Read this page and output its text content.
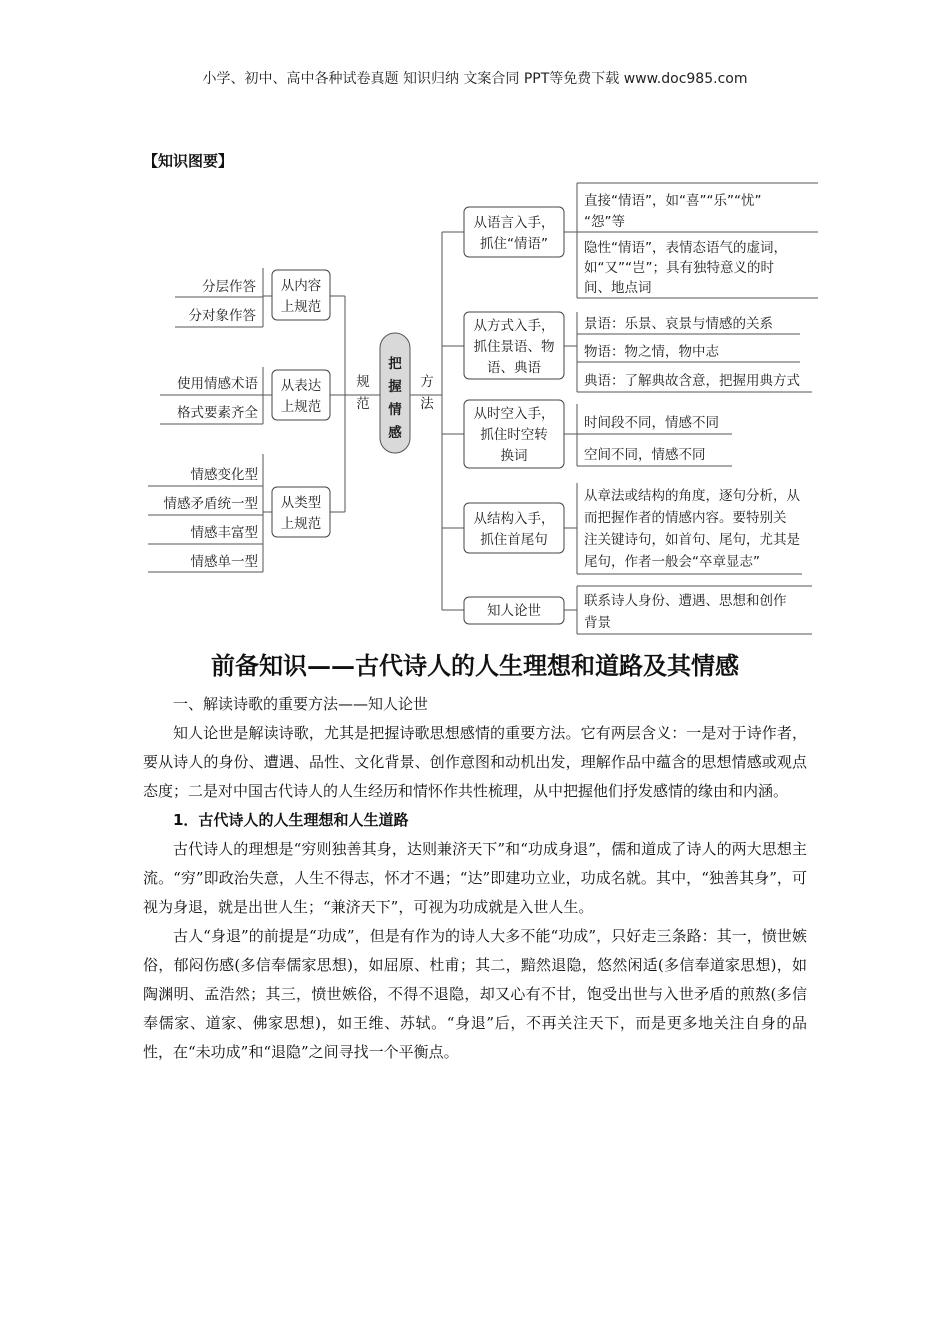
小学、初中、高中各种试卷真题 知识归纳 文案合同 PPT等免费下载 www.doc985.com
【知识图要】
把
握
情
感
规
范
方
法
从内容
上规范
分层作答
分对象作答
从表达
上规范
使用情感术语
格式要素齐全
从类型
上规范
情感变化型
情感矛盾统一型
情感丰富型
情感单一型
从语言入手，
抓住“情语”
直接“情语”，如“喜”“乐”“忧”
“怨”等
隐性“情语”，表情态语气的虚词，
如“又”“岂”；具有独特意义的时
间、地点词
从方式入手，
抓住景语、物
语、典语
景语：乐景、哀景与情感的关系
物语：物之情，物中志
典语：了解典故含意，把握用典方式
从时空入手，
抓住时空转
换词
时间段不同，情感不同
空间不同，情感不同
从结构入手，
抓住首尾句
从章法或结构的角度，逐句分析，从
而把握作者的情感内容。要特别关
注关键诗句，如首句、尾句，尤其是
尾句，作者一般会“卒章显志”
知人论世
联系诗人身份、遭遇、思想和创作
背景
前备知识——古代诗人的人生理想和道路及其情感

一、解读诗歌的重要方法——知人论世

知人论世是解读诗歌，尤其是把握诗歌思想感情的重要方法。它有两层含义：一是对于诗作者，要从诗人的身份、遭遇、品性、文化背景、创作意图和动机出发，理解作品中蕴含的思想情感或观点态度；二是对中国古代诗人的人生经历和情怀作共性梳理，从中把握他们抒发感情的缘由和内涵。

1．古代诗人的人生理想和人生道路

古代诗人的理想是“穷则独善其身，达则兼济天下”和“功成身退”，儒和道成了诗人的两大思想主流。“穷”即政治失意，人生不得志，怀才不遇；“达”即建功立业，功成名就。其中，“独善其身”，可视为身退，就是出世人生；“兼济天下”，可视为功成就是入世人生。

古人“身退”的前提是“功成”，但是有作为的诗人大多不能“功成”，只好走三条路：其一，愤世嫉俗，郁闷伤感(多信奉儒家思想)，如屈原、杜甫；其二，黯然退隐，悠然闲适(多信奉道家思想)，如陶渊明、孟浩然；其三，愤世嫉俗，不得不退隐，却又心有不甘，饱受出世与入世矛盾的煎熬(多信奉儒家、道家、佛家思想)，如王维、苏轼。“身退”后，不再关注天下，而是更多地关注自身的品性，在“未功成”和“退隐”之间寻找一个平衡点。
